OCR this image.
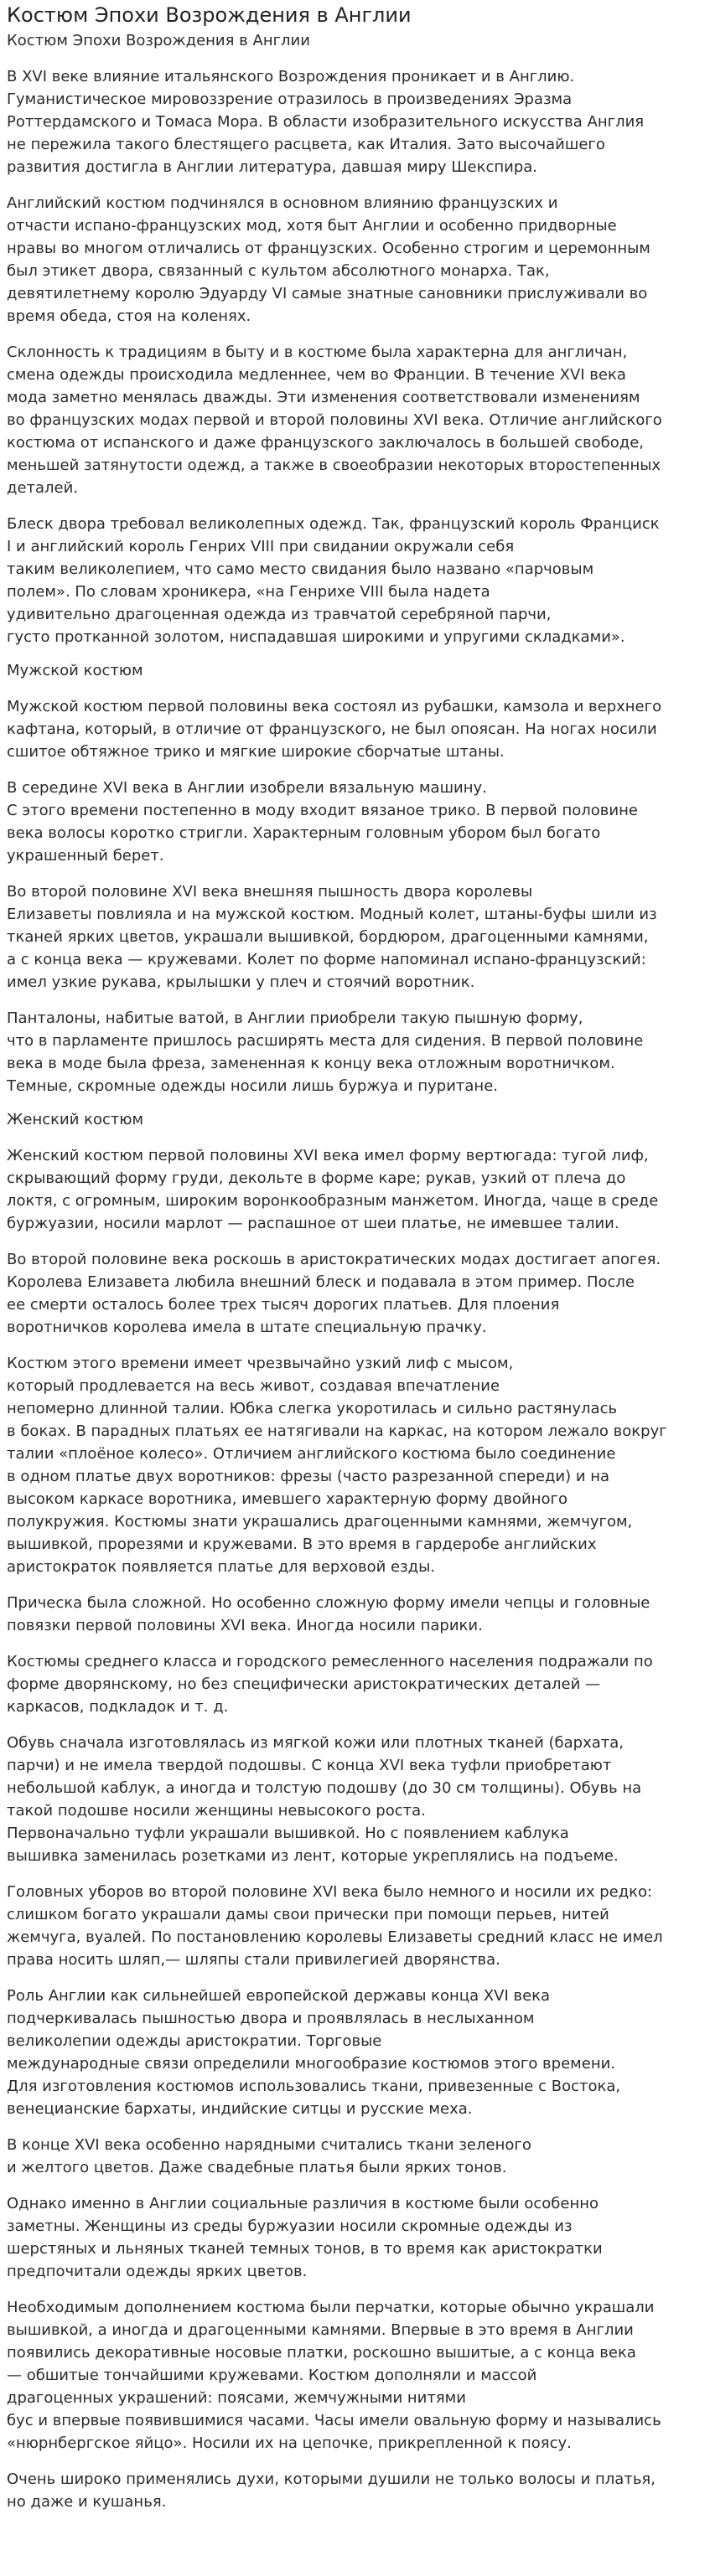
Костюм Эпохи Возрождения в Англии
Костюм Эпохи Возрождения в Англии

В XVI веке влияние итальянского Возрождения проникает и в Англию.
Гуманистическое мировоззрение отразилось в произведениях Эразма
Роттердамского и Томаса Мора. В области изобразительного искусства Англия
не пережила такого блестящего расцвета, как Италия. Зато высочайшего
развития достигла в Англии литература, давшая миру Шекспира.

Английский костюм подчинялся в основном влиянию французских и
отчасти испано-французских мод, хотя быт Англии и особенно придворные
нравы во многом отличались от французских. Особенно строгим и церемонным
был этикет двора, связанный с культом абсолютного монарха. Так,
девятилетнему королю Эдуарду VI самые знатные сановники прислуживали во
время обеда, стоя на коленях.

Склонность к традициям в быту и в костюме была характерна для англичан,
смена одежды происходила медленнее, чем во Франции. В течение XVI века
мода заметно менялась дважды. Эти изменения соответствовали изменениям
во французских модах первой и второй половины XVI века. Отличие английского
костюма от испанского и даже французского заключалось в большей свободе,
меньшей затянутости одежд, а также в своеобразии некоторых второстепенных
деталей.

Блеск двора требовал великолепных одежд. Так, французский король Франциск
I и английский король Генрих VIII при свидании окружали себя
таким великолепием, что само место свидания было названо «парчовым
полем». По словам хроникера, «на Генрихе VIII была надета
удивительно драгоценная одежда из травчатой серебряной парчи,
густо протканной золотом, ниспадавшая широкими и упругими складками».

Мужской костюм

Мужской костюм первой половины века состоял из рубашки, камзола и верхнего
кафтана, который, в отличие от французского, не был опоясан. На ногах носили
сшитое обтяжное трико и мягкие широкие сборчатые штаны.

В середине XVI века в Англии изобрели вязальную машину.
С этого времени постепенно в моду входит вязаное трико. В первой половине
века волосы коротко стригли. Характерным головным убором был богато
украшенный берет.

Во второй половине XVI века внешняя пышность двора королевы
Елизаветы повлияла и на мужской костюм. Модный колет, штаны-буфы шили из
тканей ярких цветов, украшали вышивкой, бордюром, драгоценными камнями,
а с конца века — кружевами. Колет по форме напоминал испано-французский:
имел узкие рукава, крылышки у плеч и стоячий воротник.

Панталоны, набитые ватой, в Англии приобрели такую пышную форму,
что в парламенте пришлось расширять места для сидения. В первой половине
века в моде была фреза, замененная к концу века отложным воротничком.
Темные, скромные одежды носили лишь буржуа и пуритане.

Женский костюм

Женский костюм первой половины XVI века имел форму вертюгада: тугой лиф,
скрывающий форму груди, декольте в форме каре; рукав, узкий от плеча до
локтя, с огромным, широким воронкообразным манжетом. Иногда, чаще в среде
буржуазии, носили марлот — распашное от шеи платье, не имевшее талии.

Во второй половине века роскошь в аристократических модах достигает апогея.
Королева Елизавета любила внешний блеск и подавала в этом пример. После
ее смерти осталось более трех тысяч дорогих платьев. Для плоения
воротничков королева имела в штате специальную прачку.

Костюм этого времени имеет чрезвычайно узкий лиф с мысом,
который продлевается на весь живот, создавая впечатление
непомерно длинной талии. Юбка слегка укоротилась и сильно растянулась
в боках. В парадных платьях ее натягивали на каркас, на котором лежало вокруг
талии «плоёное колесо». Отличием английского костюма было соединение
в одном платье двух воротников: фрезы (часто разрезанной спереди) и на
высоком каркасе воротника, имевшего характерную форму двойного
полукружия. Костюмы знати украшались драгоценными камнями, жемчугом,
вышивкой, прорезями и кружевами. В это время в гардеробе английских
аристократок появляется платье для верховой езды.

Прическа была сложной. Но особенно сложную форму имели чепцы и головные
повязки первой половины XVI века. Иногда носили парики.

Костюмы среднего класса и городского ремесленного населения подражали по
форме дворянскому, но без специфически аристократических деталей —
каркасов, подкладок и т. д.

Обувь сначала изготовлялась из мягкой кожи или плотных тканей (бархата,
парчи) и не имела твердой подошвы. С конца XVI века туфли приобретают
небольшой каблук, а иногда и толстую подошву (до 30 см толщины). Обувь на
такой подошве носили женщины невысокого роста.
Первоначально туфли украшали вышивкой. Но с появлением каблука
вышивка заменилась розетками из лент, которые укреплялись на подъеме.

Головных уборов во второй половине XVI века было немного и носили их редко:
слишком богато украшали дамы свои прически при помощи перьев, нитей
жемчуга, вуалей. По постановлению королевы Елизаветы средний класс не имел
права носить шляп,— шляпы стали привилегией дворянства.

Роль Англии как сильнейшей европейской державы конца XVI века
подчеркивалась пышностью двора и проявлялась в неслыханном
великолепии одежды аристократии. Торговые
международные связи определили многообразие костюмов этого времени.
Для изготовления костюмов использовались ткани, привезенные с Востока,
венецианские бархаты, индийские ситцы и русские меха.

В конце XVI века особенно нарядными считались ткани зеленого
и желтого цветов. Даже свадебные платья были ярких тонов.

Однако именно в Англии социальные различия в костюме были особенно
заметны. Женщины из среды буржуазии носили скромные одежды из
шерстяных и льняных тканей темных тонов, в то время как аристократки
предпочитали одежды ярких цветов.

Необходимым дополнением костюма были перчатки, которые обычно украшали
вышивкой, а иногда и драгоценными камнями. Впервые в это время в Англии
появились декоративные носовые платки, роскошно вышитые, а с конца века
— обшитые тончайшими кружевами. Костюм дополняли и массой
драгоценных украшений: поясами, жемчужными нитями
бус и впервые появившимися часами. Часы имели овальную форму и назывались
«нюрнбергское яйцо». Носили их на цепочке, прикрепленной к поясу.

Очень широко применялись духи, которыми душили не только волосы и платья,
но даже и кушанья.
